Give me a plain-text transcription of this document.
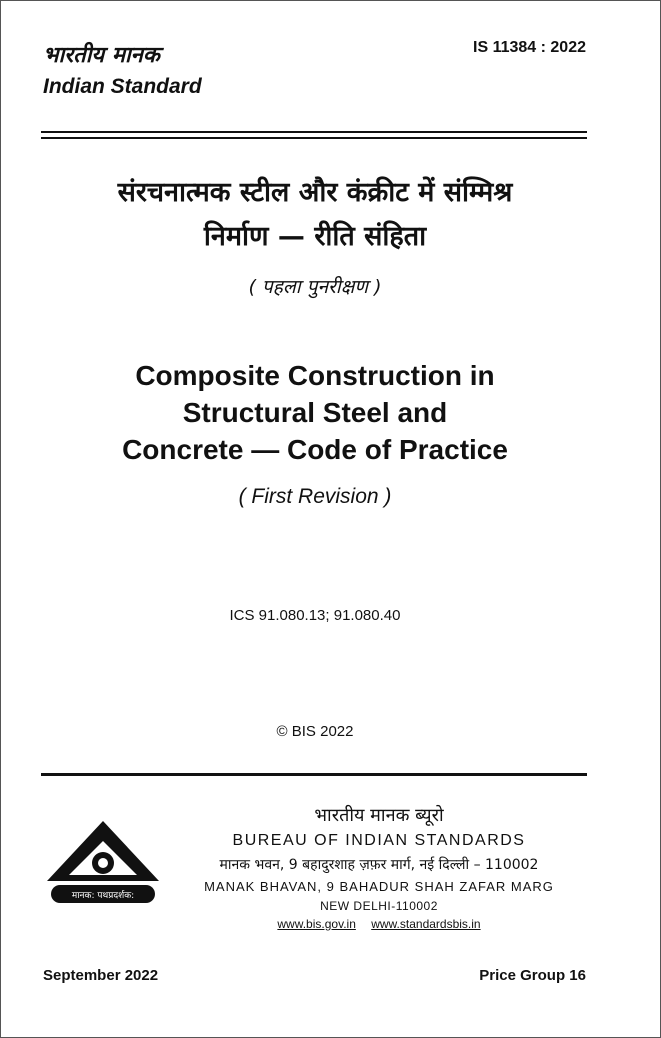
भारतीय मानक
Indian Standard
IS 11384 : 2022
संरचनात्मक स्टील और कंक्रीट में संम्मिश्र
निर्माण — रीति संहिता
( पहला पुनरीक्षण )
Composite Construction in
Structural Steel and
Concrete — Code of Practice
( First Revision )
ICS 91.080.13; 91.080.40
© BIS 2022
मानक: पथप्रदर्शक:
भारतीय मानक ब्यूरो
BUREAU OF INDIAN STANDARDS
मानक भवन, 9 बहादुरशाह ज़फ़र मार्ग, नई दिल्ली – 110002
MANAK BHAVAN, 9 BAHADUR SHAH ZAFAR MARG
NEW DELHI-110002
www.bis.gov.in www.standardsbis.in
September 2022	Price Group 16
